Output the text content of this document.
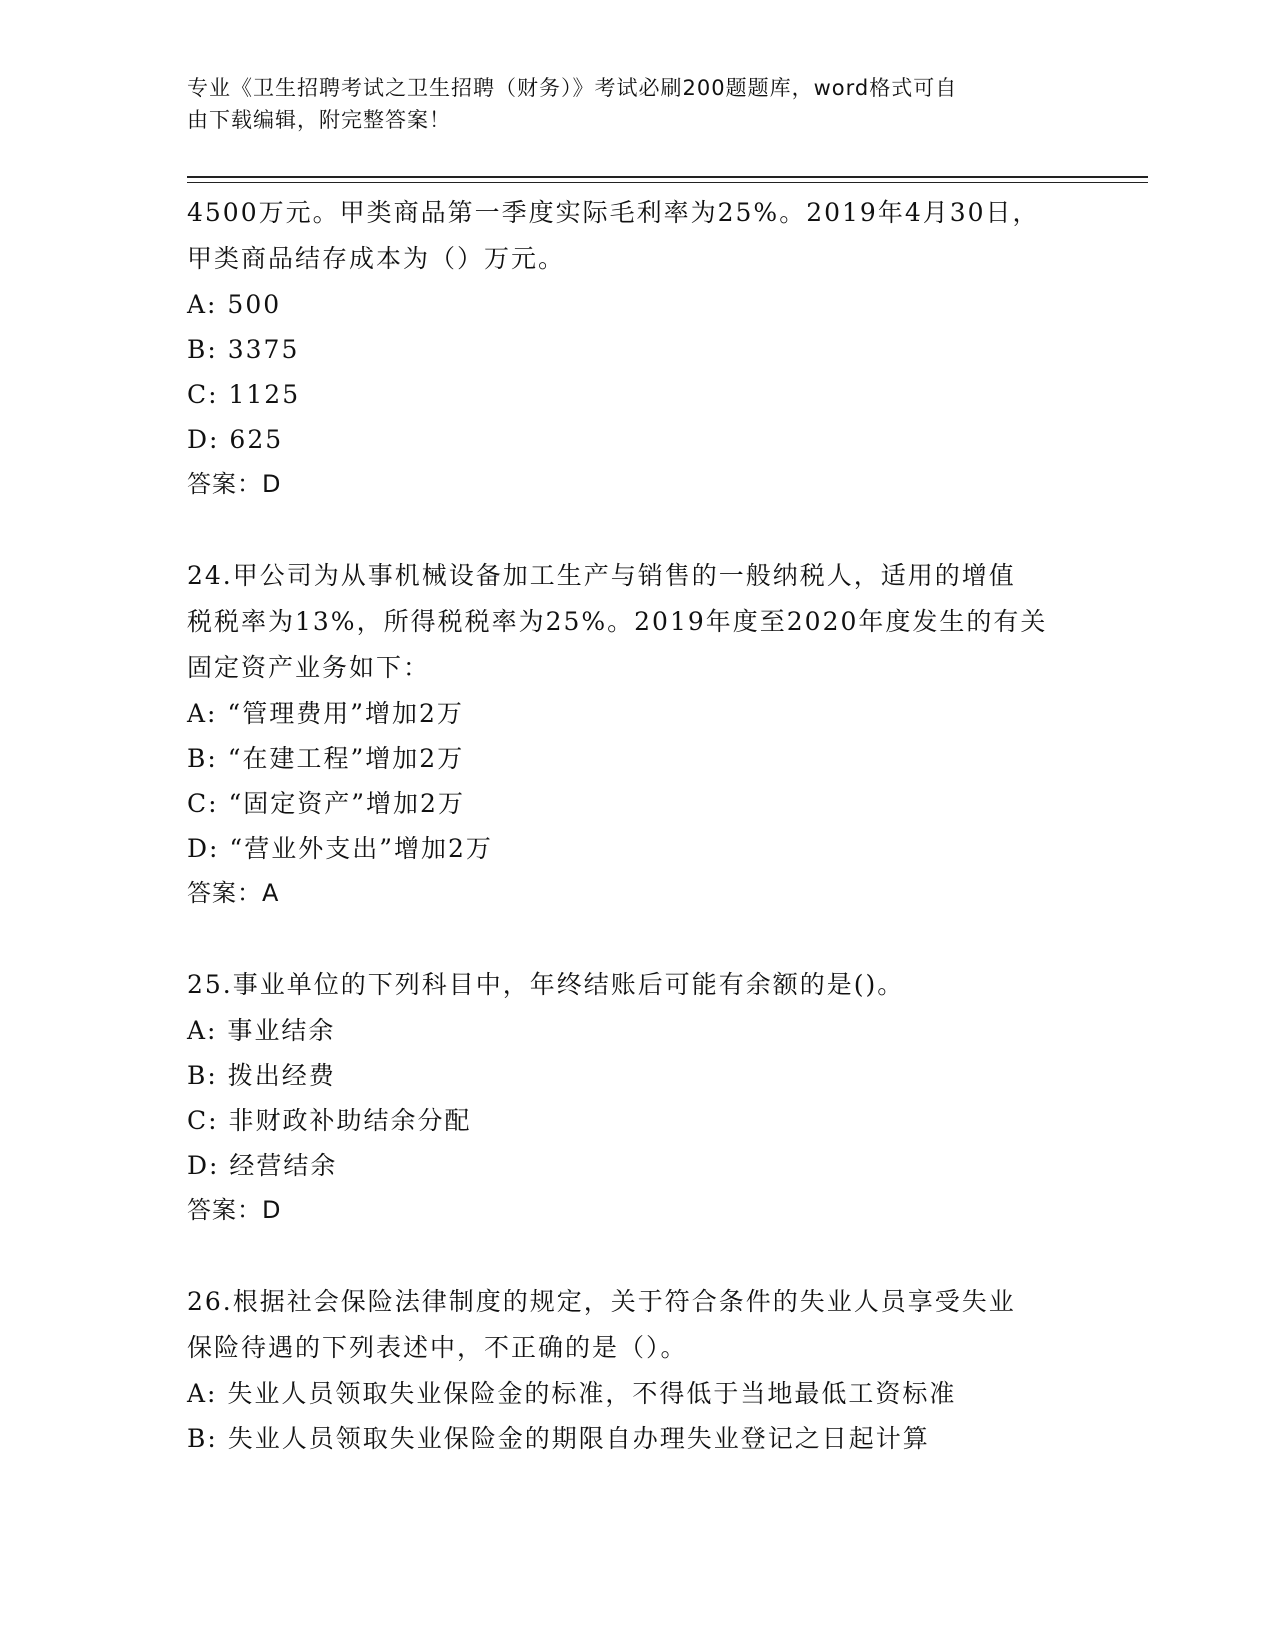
专业《卫生招聘考试之卫生招聘（财务）》考试必刷200题题库，word格式可自
由下载编辑，附完整答案！
4500万元。甲类商品第一季度实际毛利率为25%。2019年4月30日，
甲类商品结存成本为（）万元。
A: 500
B: 3375
C: 1125
D: 625
答案：D
24.甲公司为从事机械设备加工生产与销售的一般纳税人，适用的增值
税税率为13%，所得税税率为25%。2019年度至2020年度发生的有关
固定资产业务如下：
A: “管理费用”增加2万
B: “在建工程”增加2万
C: “固定资产”增加2万
D: “营业外支出”增加2万
答案：A
25.事业单位的下列科目中，年终结账后可能有余额的是()。
A: 事业结余
B: 拨出经费
C: 非财政补助结余分配
D: 经营结余
答案：D
26.根据社会保险法律制度的规定，关于符合条件的失业人员享受失业
保险待遇的下列表述中，不正确的是（）。
A: 失业人员领取失业保险金的标准，不得低于当地最低工资标准
B: 失业人员领取失业保险金的期限自办理失业登记之日起计算
